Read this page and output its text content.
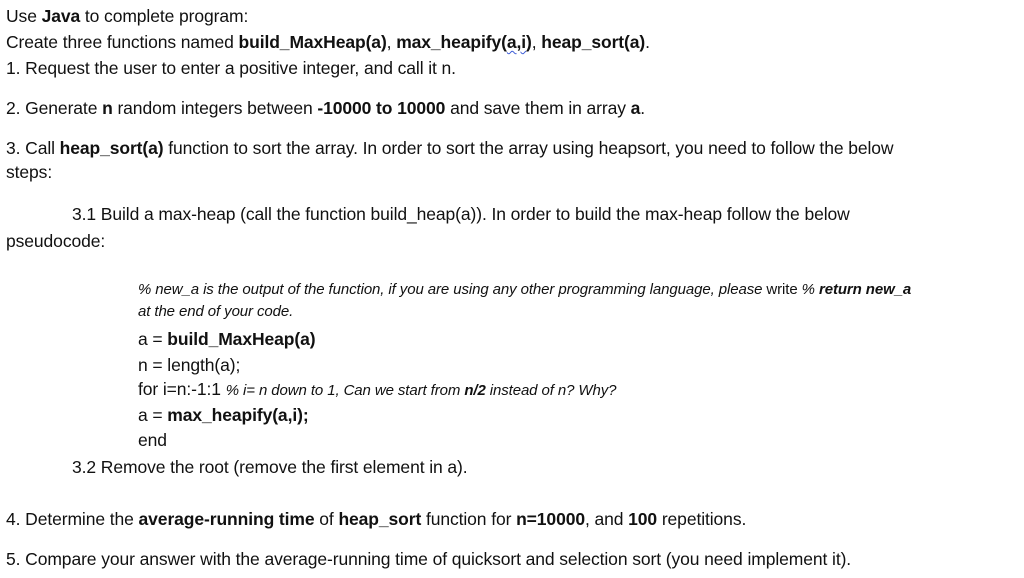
Use Java to complete program:
Create three functions named build_MaxHeap(a), max_heapify(a,i), heap_sort(a).
1. Request the user to enter a positive integer, and call it n.
2. Generate n random integers between -10000 to 10000 and save them in array a.
3. Call heap_sort(a) function to sort the array. In order to sort the array using heapsort, you need to follow the below
steps:
3.1 Build a max-heap (call the function build_heap(a)). In order to build the max-heap follow the below
pseudocode:
% new_a is the output of the function, if you are using any other programming language, please write % return new_a
at the end of your code.
a = build_MaxHeap(a)
n = length(a);
for i=n:-1:1 % i= n down to 1, Can we start from n/2 instead of n? Why?
a = max_heapify(a,i);
end
3.2 Remove the root (remove the first element in a).
4. Determine the average-running time of heap_sort function for n=10000, and 100 repetitions.
5. Compare your answer with the average-running time of quicksort and selection sort (you need implement it).
